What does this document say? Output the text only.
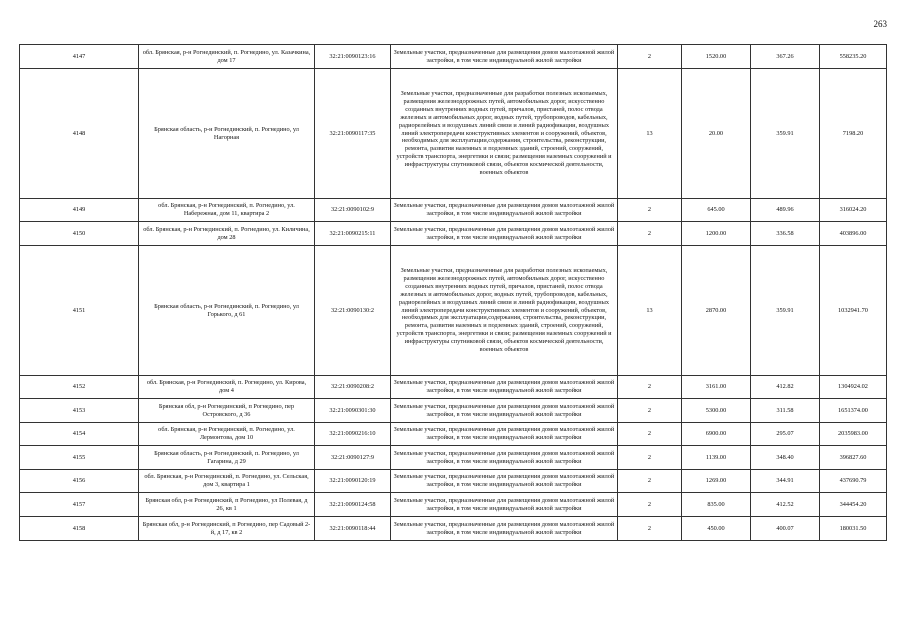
263
4147	обл. Брянская, р-н Рогнединский, п. Рогнедино, ул. Казачкина, дом 17	32:21:0090123:16	Земельные участки, предназначенные для размещения домов малоэтажной жилой застройки, в том числе индивидуальной жилой застройки	2	1520.00	367.26	558235.20
4148	Брянская область, р-н Рогнединский, п. Рогнедино, ул Нагорная	32:21:0090117:35	Земельные участки, предназначенные для разработки полезных ископаемых, размещения железнодорожных путей, автомобильных дорог, искусственно созданных внутренних водных путей, причалов, пристаней, полос отвода железных и автомобильных дорог, водных путей, трубопроводов, кабельных, радиорелейных и воздушных линий связи и линий радиофикации, воздушных линий электропередачи конструктивных элементов и сооружений, объектов, необходимых для эксплуатации,содержания, строительства, реконструкции, ремонта, развития наземных и подземных зданий, строений, сооружений, устройств транспорта, энергетики и связи; размещения наземных сооружений и инфраструктуры спутниковой связи, объектов космической деятельности, военных объектов	13	20.00	359.91	7198.20
4149	обл. Брянская, р-н Рогнединский, п. Рогнедино, ул. Набережная, дом 11, квартира 2	32:21:0090102:9	Земельные участки, предназначенные для размещения домов малоэтажной жилой застройки, в том числе индивидуальной жилой застройки	2	645.00	489.96	316024.20
4150	обл. Брянская, р-н Рогнединский, п. Рогнедино, ул. Киличина, дом 28	32:21:0090215:11	Земельные участки, предназначенные для размещения домов малоэтажной жилой застройки, в том числе индивидуальной жилой застройки	2	1200.00	336.58	403896.00
4151	Брянская область, р-н Рогнединский, п. Рогнедино, ул Горького, д 61	32:21:0090130:2	Земельные участки, предназначенные для разработки полезных ископаемых, размещения железнодорожных путей, автомобильных дорог, искусственно созданных внутренних водных путей, причалов, пристаней, полос отвода железных и автомобильных дорог, водных путей, трубопроводов, кабельных, радиорелейных и воздушных линий связи и линий радиофикации, воздушных линий электропередачи конструктивных элементов и сооружений, объектов, необходимых для эксплуатации,содержания, строительства, реконструкции, ремонта, развития наземных и подземных зданий, строений, сооружений, устройств транспорта, энергетики и связи; размещения наземных сооружений и инфраструктуры спутниковой связи, объектов космической деятельности, военных объектов	13	2870.00	359.91	1032941.70
4152	обл. Брянская, р-н Рогнединский, п. Рогнедино, ул. Кирова, дом 4	32:21:0090208:2	Земельные участки, предназначенные для размещения домов малоэтажной жилой застройки, в том числе индивидуальной жилой застройки	2	3161.00	412.82	1304924.02
4153	Брянская обл, р-н Рогнединский, п Рогнедино, пер Островского, д 36	32:21:0090301:30	Земельные участки, предназначенные для размещения домов малоэтажной жилой застройки, в том числе индивидуальной жилой застройки	2	5300.00	311.58	1651374.00
4154	обл. Брянская, р-н Рогнединский, п. Рогнедино, ул. Лермонтова, дом 10	32:21:0090216:10	Земельные участки, предназначенные для размещения домов малоэтажной жилой застройки, в том числе индивидуальной жилой застройки	2	6900.00	295.07	2035983.00
4155	Брянская область, р-н Рогнединский, п. Рогнедино, ул Гагарина, д 29	32:21:0090127:9	Земельные участки, предназначенные для размещения домов малоэтажной жилой застройки, в том числе индивидуальной жилой застройки	2	1139.00	348.40	396827.60
4156	обл. Брянская, р-н Рогнединский, п. Рогнедино, ул. Сельская, дом 3, квартира 1	32:21:0090120:19	Земельные участки, предназначенные для размещения домов малоэтажной жилой застройки, в том числе индивидуальной жилой застройки	2	1269.00	344.91	437690.79
4157	Брянская обл, р-н Рогнединский, п Рогнедино, ул Полевая, д 26, кв 1	32:21:0090124:58	Земельные участки, предназначенные для размещения домов малоэтажной жилой застройки, в том числе индивидуальной жилой застройки	2	835.00	412.52	344454.20
4158	Брянская обл, р-н Рогнединский, п Рогнедино, пер Садовый 2-й, д 17, кв 2	32:21:0090118:44	Земельные участки, предназначенные для размещения домов малоэтажной жилой застройки, в том числе индивидуальной жилой застройки	2	450.00	400.07	180031.50
